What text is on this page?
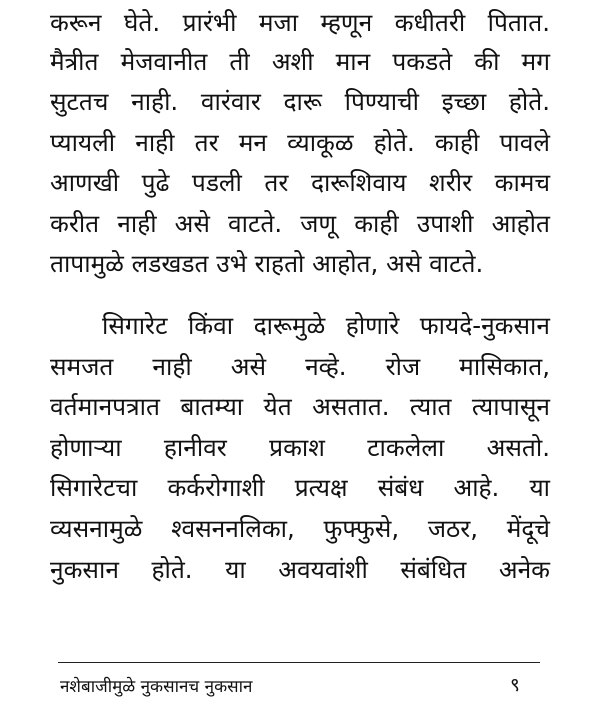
करून घेते. प्रारंभी मजा म्हणून कधीतरी पितात.
मैत्रीत मेजवानीत ती अशी मान पकडते की मग
सुटतच नाही. वारंवार दारू पिण्याची इच्छा होते.
प्यायली नाही तर मन व्याकूळ होते. काही पावले
आणखी पुढे पडली तर दारूशिवाय शरीर कामच
करीत नाही असे वाटते. जणू काही उपाशी आहोत
तापामुळे लडखडत उभे राहतो आहोत, असे वाटते.
सिगारेट किंवा दारूमुळे होणारे फायदे-नुकसान
समजत नाही असे नव्हे. रोज मासिकात,
वर्तमानपत्रात बातम्या येत असतात. त्यात त्यापासून
होणाऱ्या हानीवर प्रकाश टाकलेला असतो.
सिगारेटचा कर्करोगाशी प्रत्यक्ष संबंध आहे. या
व्यसनामुळे श्वसननलिका, फुफ्फुसे, जठर, मेंदूचे
नुकसान होते. या अवयवांशी संबंधित अनेक
नशेबाजीमुळे नुकसानच नुकसान	९
